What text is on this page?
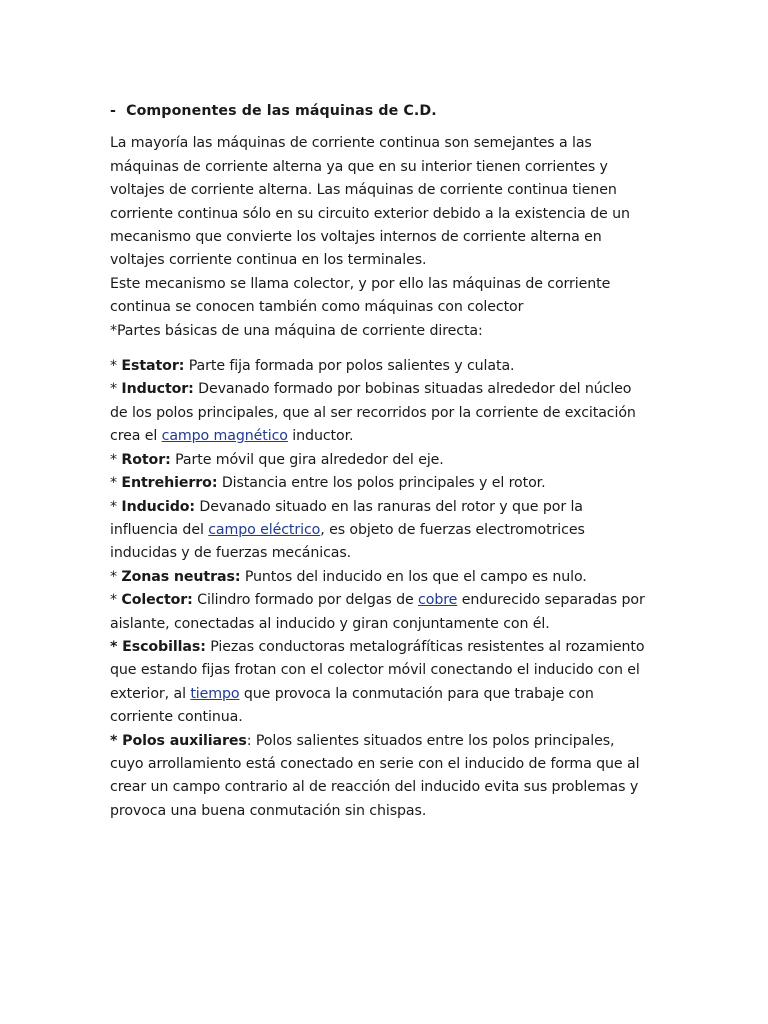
-  Componentes de las máquinas de C.D.
La mayoría las máquinas de corriente continua son semejantes a las
máquinas de corriente alterna ya que en su interior tienen corrientes y
voltajes de corriente alterna. Las máquinas de corriente continua tienen
corriente continua sólo en su circuito exterior debido a la existencia de un
mecanismo que convierte los voltajes internos de corriente alterna en
voltajes corriente continua en los terminales.
Este mecanismo se llama colector, y por ello las máquinas de corriente
continua se conocen también como máquinas con colector
*Partes básicas de una máquina de corriente directa:
* Estator: Parte fija formada por polos salientes y culata.
* Inductor: Devanado formado por bobinas situadas alrededor del núcleo
de los polos principales, que al ser recorridos por la corriente de excitación
crea el campo magnético inductor.
* Rotor: Parte móvil que gira alrededor del eje.
* Entrehierro: Distancia entre los polos principales y el rotor.
* Inducido: Devanado situado en las ranuras del rotor y que por la
influencia del campo eléctrico, es objeto de fuerzas electromotrices
inducidas y de fuerzas mecánicas.
* Zonas neutras: Puntos del inducido en los que el campo es nulo.
* Colector: Cilindro formado por delgas de cobre endurecido separadas por
aislante, conectadas al inducido y giran conjuntamente con él.
* Escobillas: Piezas conductoras metalográfíticas resistentes al rozamiento
que estando fijas frotan con el colector móvil conectando el inducido con el
exterior, al tiempo que provoca la conmutación para que trabaje con
corriente continua.
* Polos auxiliares: Polos salientes situados entre los polos principales,
cuyo arrollamiento está conectado en serie con el inducido de forma que al
crear un campo contrario al de reacción del inducido evita sus problemas y
provoca una buena conmutación sin chispas.
